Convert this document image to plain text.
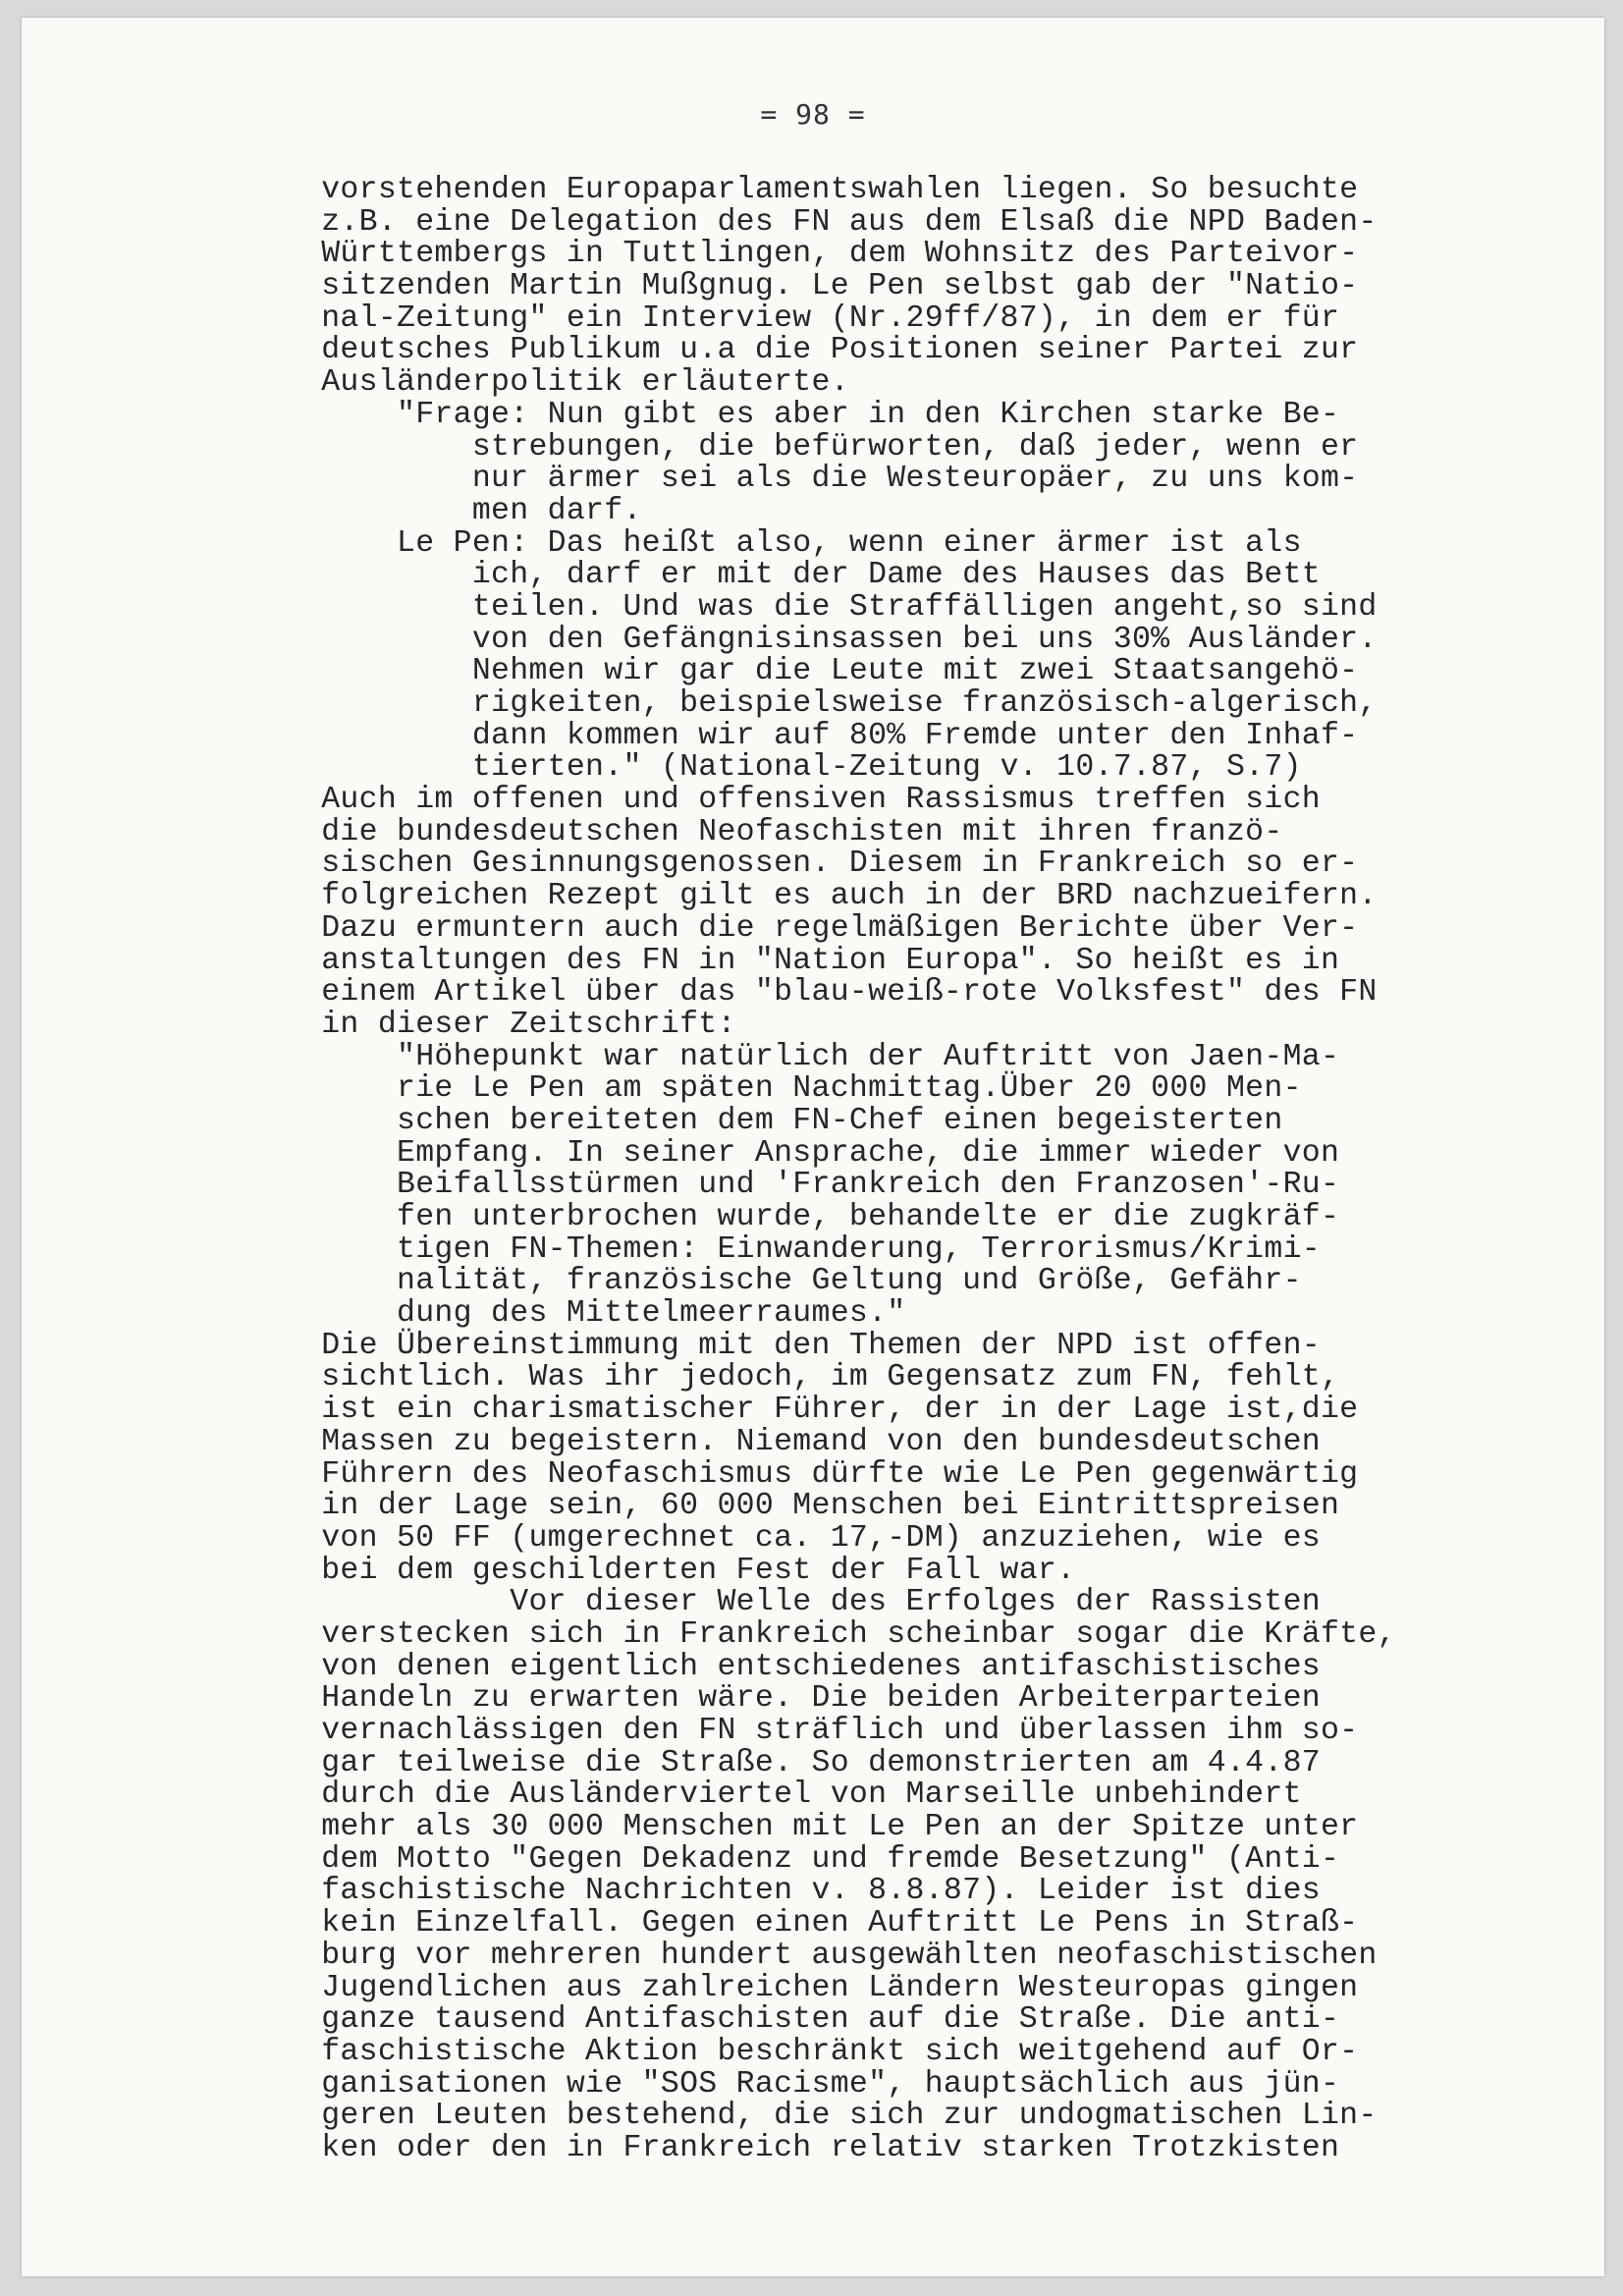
= 98 =
vorstehenden Europaparlamentswahlen liegen. So besuchte
z.B. eine Delegation des FN aus dem Elsaß die NPD Baden-
Württembergs in Tuttlingen, dem Wohnsitz des Parteivor-
sitzenden Martin Mußgnug. Le Pen selbst gab der "Natio-
nal-Zeitung" ein Interview (Nr.29ff/87), in dem er für
deutsches Publikum u.a die Positionen seiner Partei zur
Ausländerpolitik erläuterte.
"Frage: Nun gibt es aber in den Kirchen starke Be-
strebungen, die befürworten, daß jeder, wenn er
nur ärmer sei als die Westeuropäer, zu uns kom-
men darf.
Le Pen: Das heißt also, wenn einer ärmer ist als
ich, darf er mit der Dame des Hauses das Bett
teilen. Und was die Straffälligen angeht,so sind
von den Gefängnisinsassen bei uns 30% Ausländer.
Nehmen wir gar die Leute mit zwei Staatsangehö-
rigkeiten, beispielsweise französisch-algerisch,
dann kommen wir auf 80% Fremde unter den Inhaf-
tierten." (National-Zeitung v. 10.7.87, S.7)
Auch im offenen und offensiven Rassismus treffen sich
die bundesdeutschen Neofaschisten mit ihren franzö-
sischen Gesinnungsgenossen. Diesem in Frankreich so er-
folgreichen Rezept gilt es auch in der BRD nachzueifern.
Dazu ermuntern auch die regelmäßigen Berichte über Ver-
anstaltungen des FN in "Nation Europa". So heißt es in
einem Artikel über das "blau-weiß-rote Volksfest" des FN
in dieser Zeitschrift:
"Höhepunkt war natürlich der Auftritt von Jaen-Ma-
rie Le Pen am späten Nachmittag.Über 20 000 Men-
schen bereiteten dem FN-Chef einen begeisterten
Empfang. In seiner Ansprache, die immer wieder von
Beifallsstürmen und 'Frankreich den Franzosen'-Ru-
fen unterbrochen wurde, behandelte er die zugkräf-
tigen FN-Themen: Einwanderung, Terrorismus/Krimi-
nalität, französische Geltung und Größe, Gefähr-
dung des Mittelmeerraumes."
Die Übereinstimmung mit den Themen der NPD ist offen-
sichtlich. Was ihr jedoch, im Gegensatz zum FN, fehlt,
ist ein charismatischer Führer, der in der Lage ist,die
Massen zu begeistern. Niemand von den bundesdeutschen
Führern des Neofaschismus dürfte wie Le Pen gegenwärtig
in der Lage sein, 60 000 Menschen bei Eintrittspreisen
von 50 FF (umgerechnet ca. 17,-DM) anzuziehen, wie es
bei dem geschilderten Fest der Fall war.
Vor dieser Welle des Erfolges der Rassisten
verstecken sich in Frankreich scheinbar sogar die Kräfte,
von denen eigentlich entschiedenes antifaschistisches
Handeln zu erwarten wäre. Die beiden Arbeiterparteien
vernachlässigen den FN sträflich und überlassen ihm so-
gar teilweise die Straße. So demonstrierten am 4.4.87
durch die Ausländerviertel von Marseille unbehindert
mehr als 30 000 Menschen mit Le Pen an der Spitze unter
dem Motto "Gegen Dekadenz und fremde Besetzung" (Anti-
faschistische Nachrichten v. 8.8.87). Leider ist dies
kein Einzelfall. Gegen einen Auftritt Le Pens in Straß-
burg vor mehreren hundert ausgewählten neofaschistischen
Jugendlichen aus zahlreichen Ländern Westeuropas gingen
ganze tausend Antifaschisten auf die Straße. Die anti-
faschistische Aktion beschränkt sich weitgehend auf Or-
ganisationen wie "SOS Racisme", hauptsächlich aus jün-
geren Leuten bestehend, die sich zur undogmatischen Lin-
ken oder den in Frankreich relativ starken Trotzkisten
